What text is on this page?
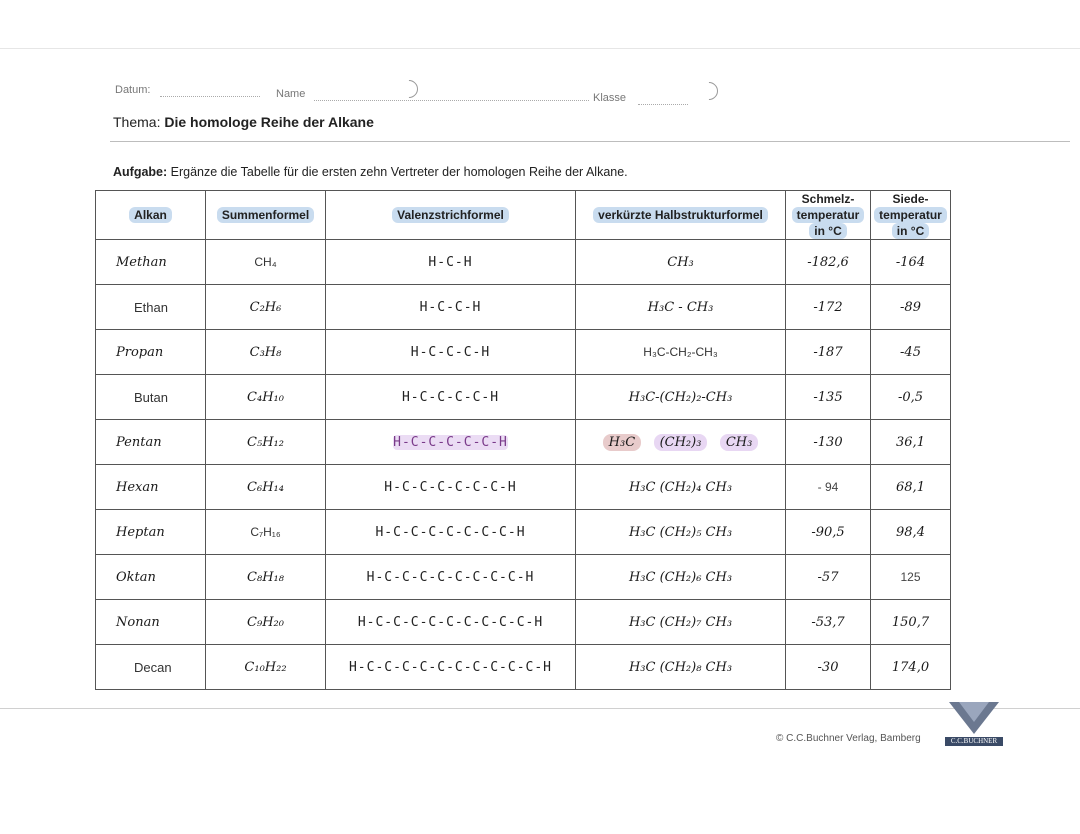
Datum:	Name	Klasse
Thema: Die homologe Reihe der Alkane
Aufgabe: Ergänze die Tabelle für die ersten zehn Vertreter der homologen Reihe der Alkane.
Alkan	Summenformel	Valenzstrichformel	verkürzte Halbstrukturformel	Schmelz-
temperatur
in °C	Siede-
temperatur
in °C
Methan	CH₄	H-C-H	CH₃	-182,6	-164
Ethan	C₂H₆	H-C-C-H	H₃C - CH₃	-172	-89
Propan	C₃H₈	H-C-C-C-H	H₃C-CH₂-CH₃	-187	-45
Butan	C₄H₁₀	H-C-C-C-C-H	H₃C-(CH₂)₂-CH₃	-135	-0,5
Pentan	C₅H₁₂	H-C-C-C-C-C-H	H₃C (CH₂)₃ CH₃	-130	36,1
Hexan	C₆H₁₄	H-C-C-C-C-C-C-H	H₃C (CH₂)₄ CH₃	- 94	68,1
Heptan	C₇H₁₆	H-C-C-C-C-C-C-C-H	H₃C (CH₂)₅ CH₃	-90,5	98,4
Oktan	C₈H₁₈	H-C-C-C-C-C-C-C-C-H	H₃C (CH₂)₆ CH₃	-57	125
Nonan	C₉H₂₀	H-C-C-C-C-C-C-C-C-C-H	H₃C (CH₂)₇ CH₃	-53,7	150,7
Decan	C₁₀H₂₂	H-C-C-C-C-C-C-C-C-C-C-H	H₃C (CH₂)₈ CH₃	-30	174,0
© C.C.Buchner Verlag, Bamberg	C.C.BUCHNER
